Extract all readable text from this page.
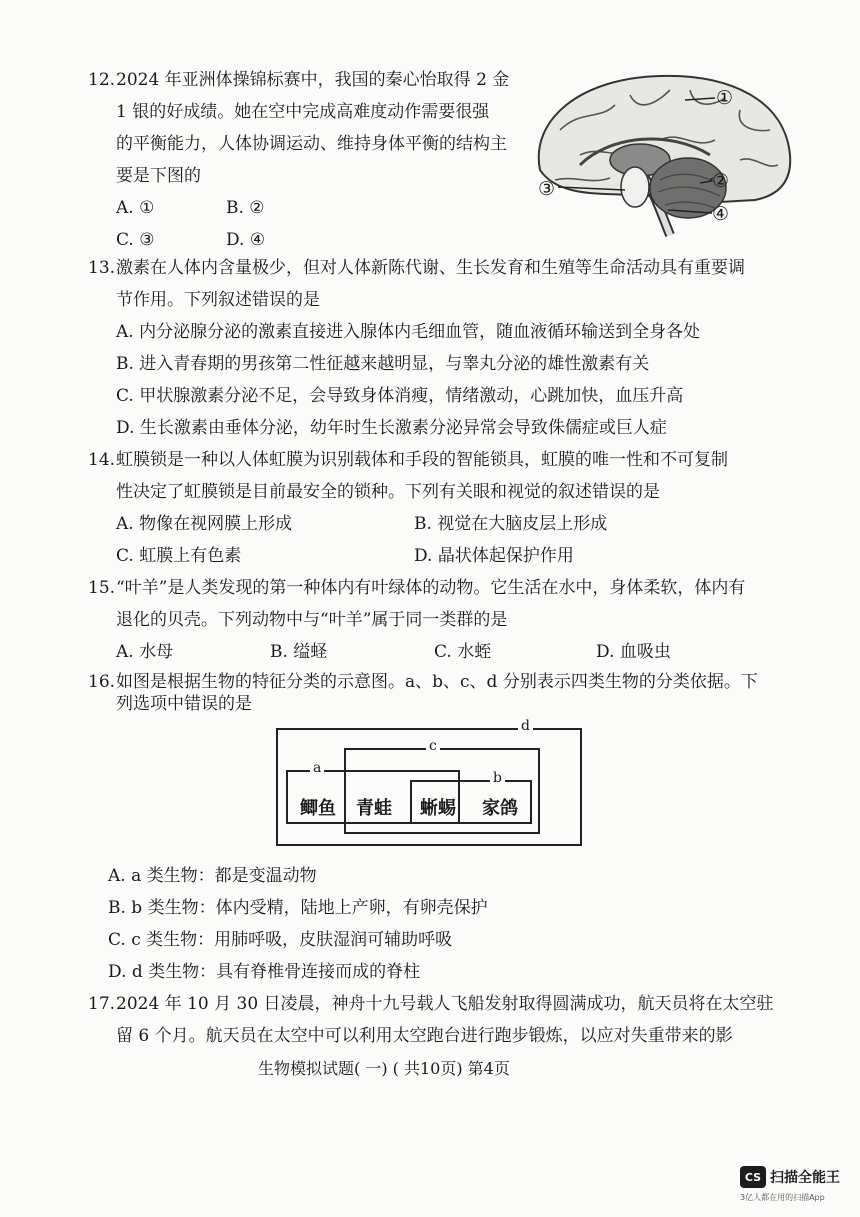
12. 2024 年亚洲体操锦标赛中，我国的秦心怡取得 2 金
1 银的好成绩。她在空中完成高难度动作需要很强
的平衡能力，人体协调运动、维持身体平衡的结构主
要是下图的
A. ①	B. ②
C. ③	D. ④
①
②
③
④
13. 激素在人体内含量极少，但对人体新陈代谢、生长发育和生殖等生命活动具有重要调
节作用。下列叙述错误的是
A. 内分泌腺分泌的激素直接进入腺体内毛细血管，随血液循环输送到全身各处
B. 进入青春期的男孩第二性征越来越明显，与睾丸分泌的雄性激素有关
C. 甲状腺激素分泌不足，会导致身体消瘦，情绪激动，心跳加快，血压升高
D. 生长激素由垂体分泌，幼年时生长激素分泌异常会导致侏儒症或巨人症
14. 虹膜锁是一种以人体虹膜为识别载体和手段的智能锁具，虹膜的唯一性和不可复制
性决定了虹膜锁是目前最安全的锁种。下列有关眼和视觉的叙述错误的是
A. 物像在视网膜上形成	B. 视觉在大脑皮层上形成
C. 虹膜上有色素	D. 晶状体起保护作用
15. “叶羊”是人类发现的第一种体内有叶绿体的动物。它生活在水中，身体柔软，体内有
退化的贝壳。下列动物中与“叶羊”属于同一类群的是
A. 水母	B. 缢蛏	C. 水蛭	D. 血吸虫
16. 如图是根据生物的特征分类的示意图。a、b、c、d 分别表示四类生物的分类依据。下
列选项中错误的是
d
c
a
b
鲫鱼 青蛙 蜥蜴 家鸽
A. a 类生物：都是变温动物
B. b 类生物：体内受精，陆地上产卵，有卵壳保护
C. c 类生物：用肺呼吸，皮肤湿润可辅助呼吸
D. d 类生物：具有脊椎骨连接而成的脊柱
17. 2024 年 10 月 30 日凌晨，神舟十九号载人飞船发射取得圆满成功，航天员将在太空驻
留 6 个月。航天员在太空中可以利用太空跑台进行跑步锻炼，以应对失重带来的影
生物模拟试题( 一) ( 共10页) 第4页
CS 扫描全能王
3亿人都在用的扫描App
